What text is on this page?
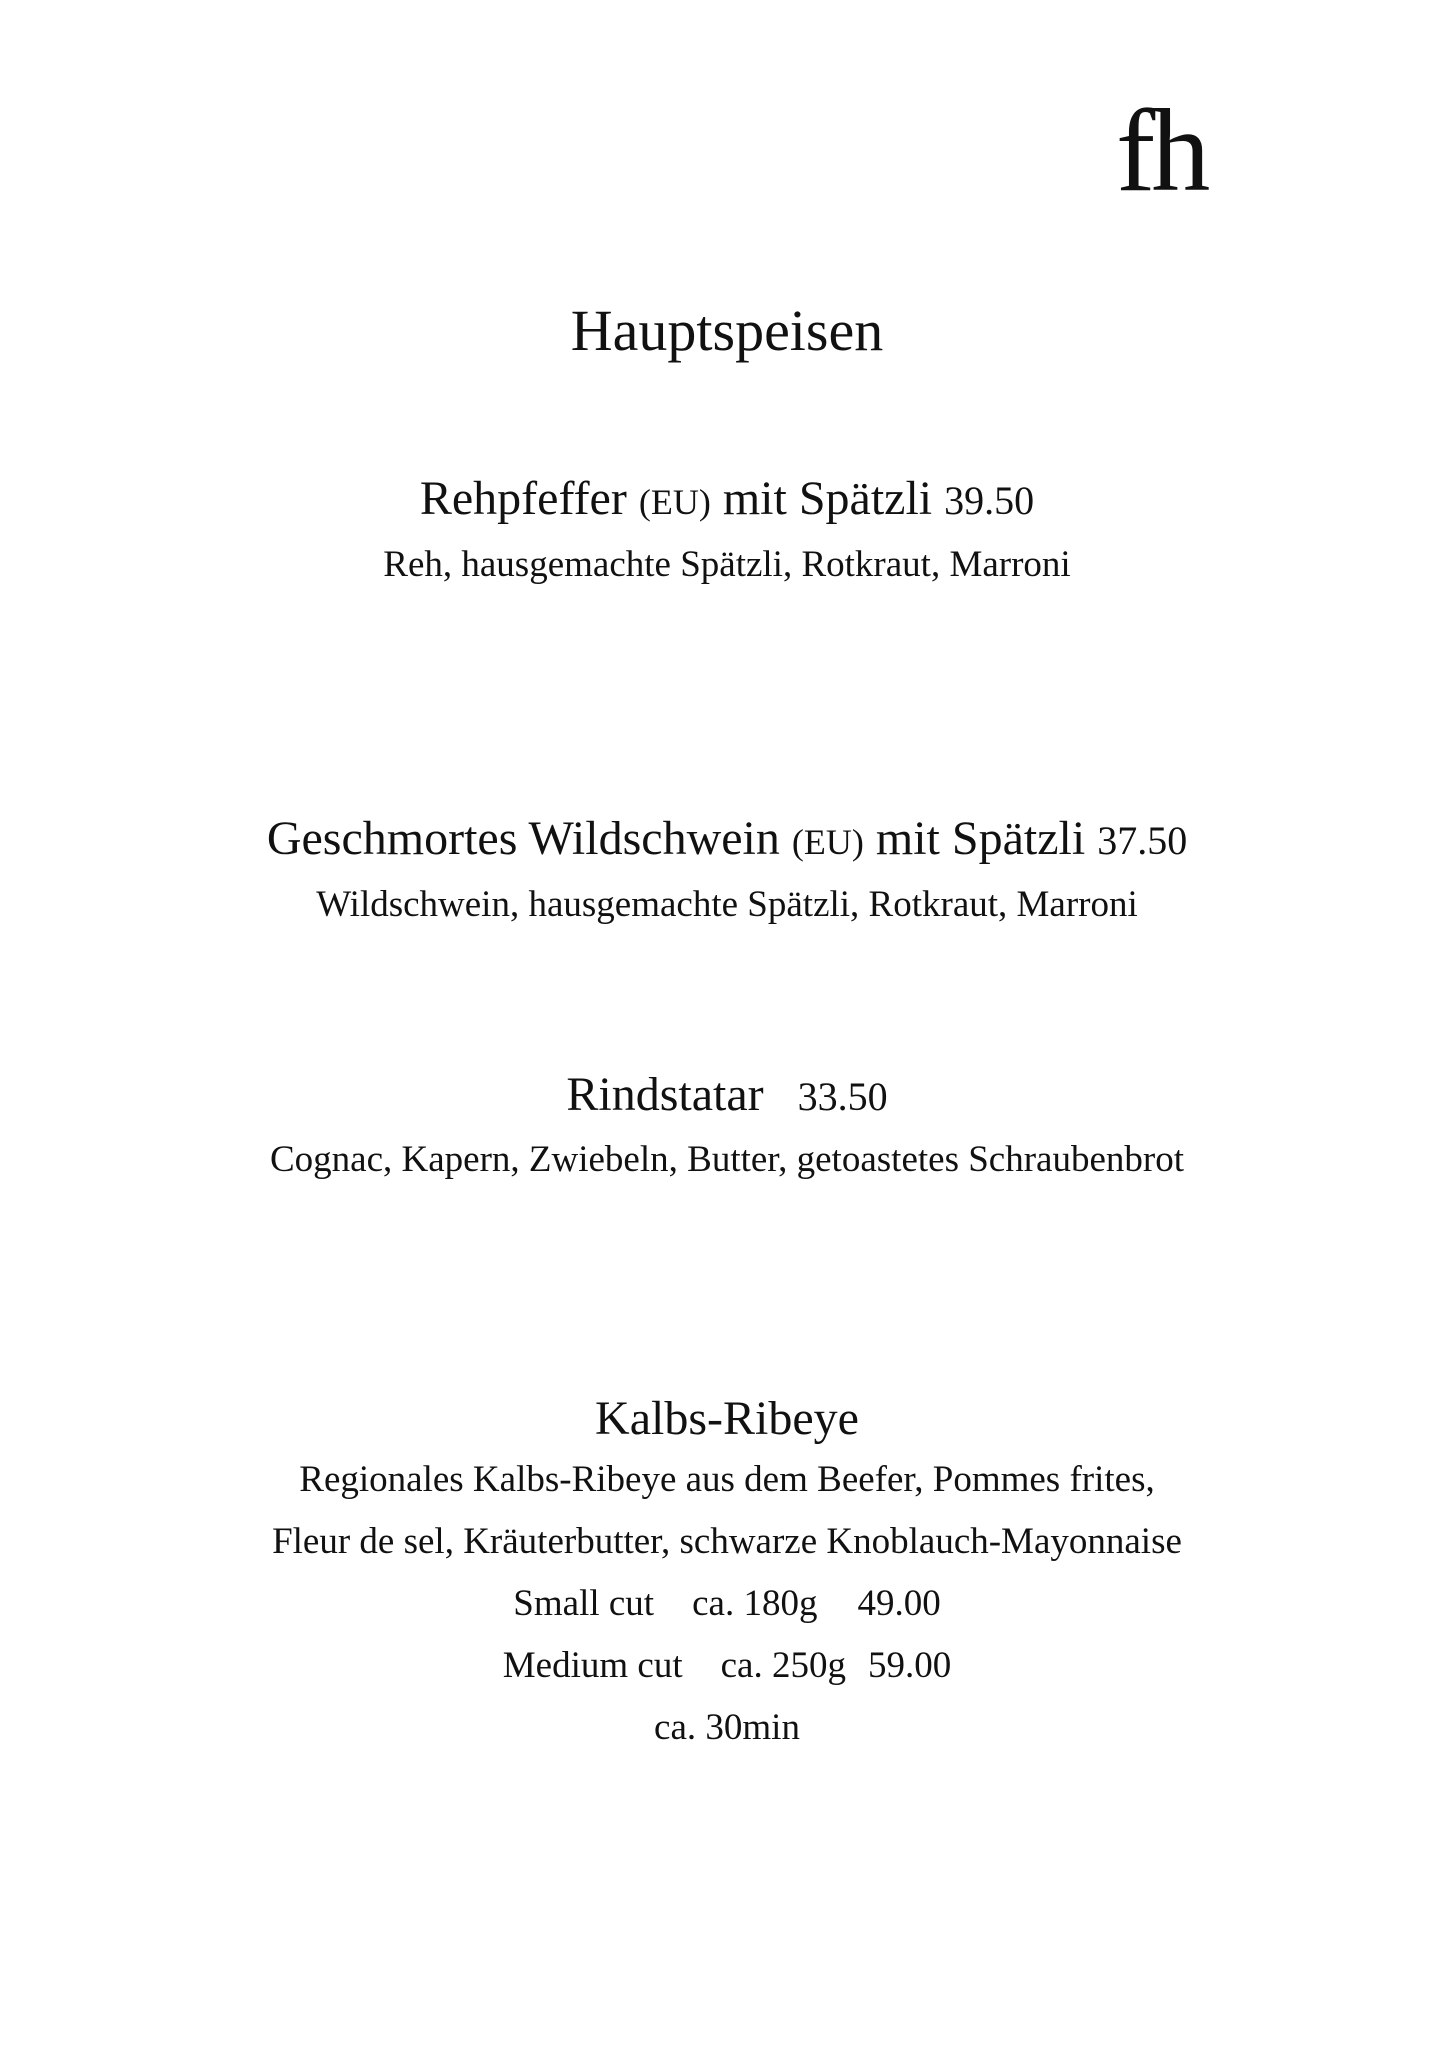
fh
Hauptspeisen
Rehpfeffer (EU) mit Spätzli 39.50
Reh, hausgemachte Spätzli, Rotkraut, Marroni
Geschmortes Wildschwein (EU) mit Spätzli 37.50
Wildschwein, hausgemachte Spätzli, Rotkraut, Marroni
Rindstatar 33.50
Cognac, Kapern, Zwiebeln, Butter, getoastetes Schraubenbrot
Kalbs-Ribeye
Regionales Kalbs-Ribeye aus dem Beefer, Pommes frites,
Fleur de sel, Kräuterbutter, schwarze Knoblauch-Mayonnaise
Small cut ca. 180g 49.00
Medium cut ca. 250g 59.00
ca. 30min
